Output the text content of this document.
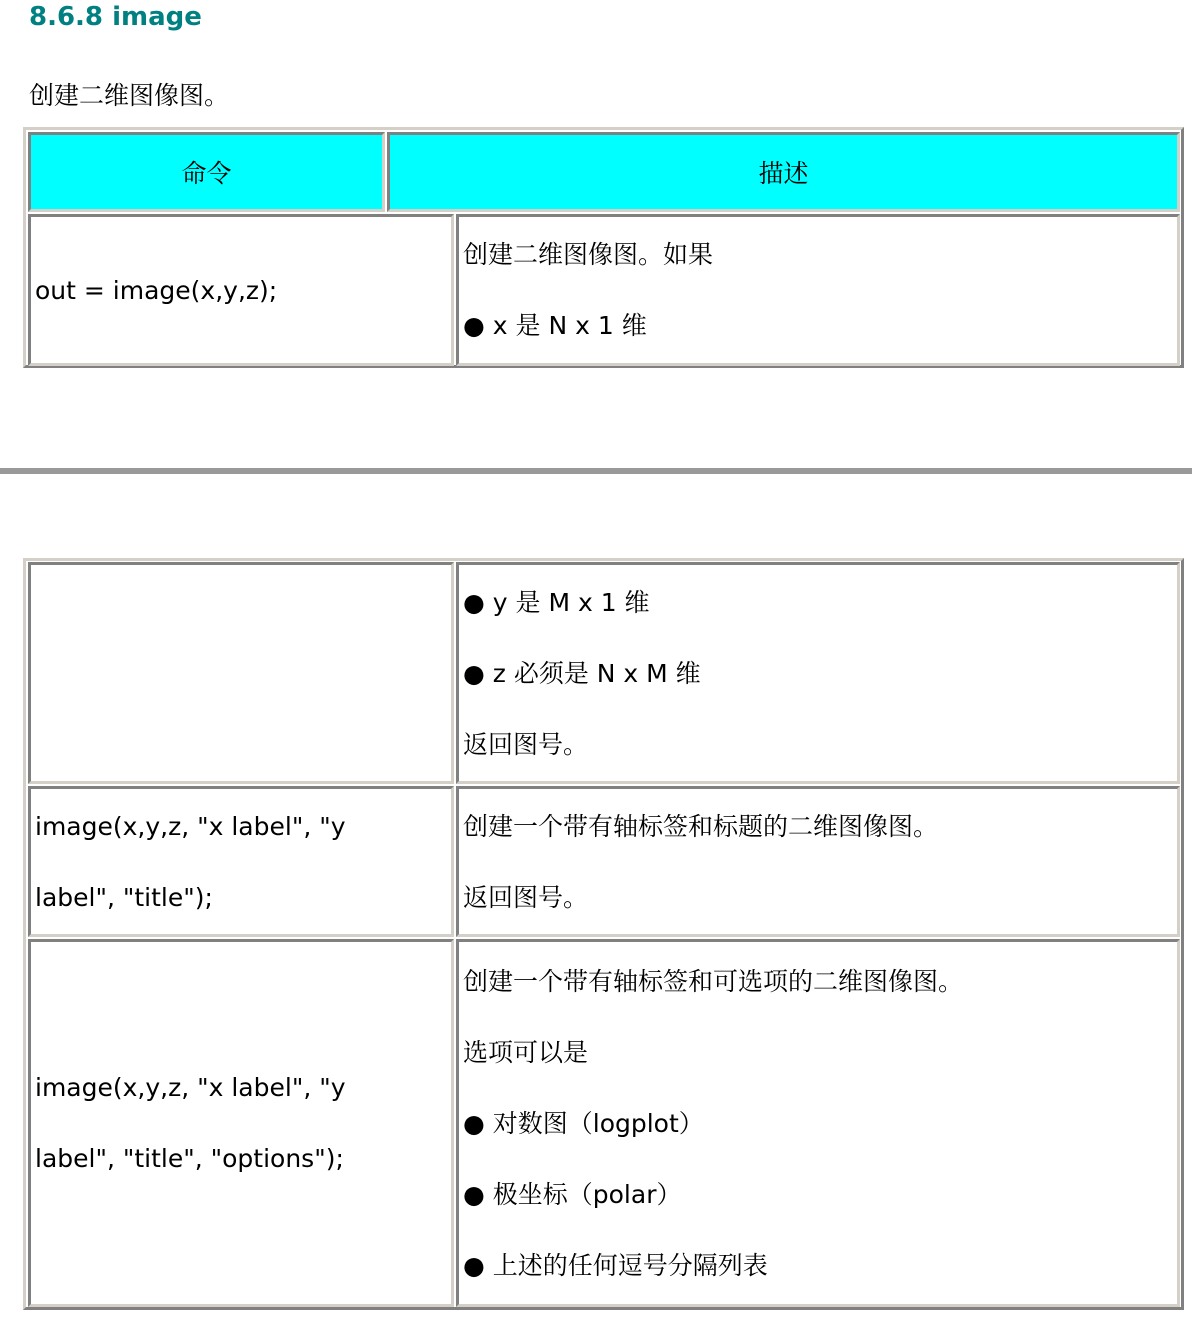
8.6.8 image
创建二维图像图。
命令	描述

out = image(x,y,z);

创建二维图像图。如果

● x 是 N x 1 维

● y 是 M x 1 维

● z 必须是 N x M 维

返回图号。

image(x,y,z, "x label", "y

label", "title");

创建一个带有轴标签和标题的二维图像图。

返回图号。

image(x,y,z, "x label", "y

label", "title", "options");

创建一个带有轴标签和可选项的二维图像图。

选项可以是

● 对数图（logplot）

● 极坐标（polar）

● 上述的任何逗号分隔列表
